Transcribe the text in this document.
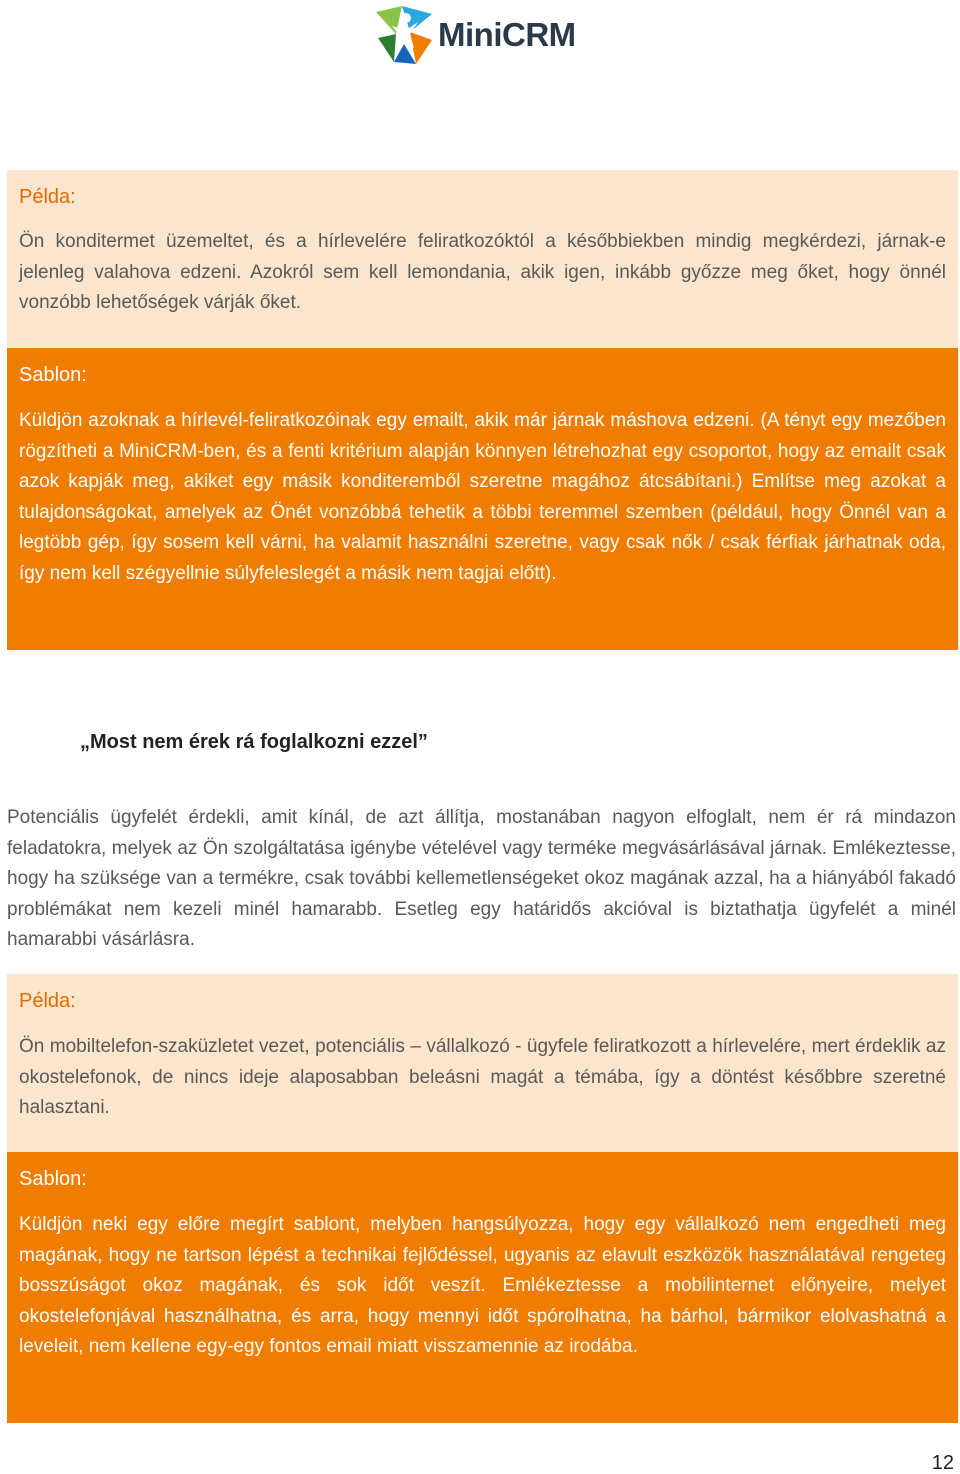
MiniCRM
Példa:

Ön konditermet üzemeltet, és a hírlevelére feliratkozóktól a későbbiekben mindig megkérdezi, járnak-e jelenleg valahova edzeni. Azokról sem kell lemondania, akik igen, inkább győzze meg őket, hogy önnél vonzóbb lehetőségek várják őket.

Sablon:

Küldjön azoknak a hírlevél-feliratkozóinak egy emailt, akik már járnak máshova edzeni. (A tényt egy mezőben rögzítheti a MiniCRM-ben, és a fenti kritérium alapján könnyen létrehozhat egy csoportot, hogy az emailt csak azok kapják meg, akiket egy másik konditeremből szeretne magához átcsábítani.) Említse meg azokat a tulajdonságokat, amelyek az Önét vonzóbbá tehetik a többi teremmel szemben (például, hogy Önnél van a legtöbb gép, így sosem kell várni, ha valamit használni szeretne, vagy csak nők / csak férfiak járhatnak oda, így nem kell szégyellnie súlyfeleslegét a másik nem tagjai előtt).

„Most nem érek rá foglalkozni ezzel”

Potenciális ügyfelét érdekli, amit kínál, de azt állítja, mostanában nagyon elfoglalt, nem ér rá mindazon feladatokra, melyek az Ön szolgáltatása igénybe vételével vagy terméke megvásárlásával járnak. Emlékeztesse, hogy ha szüksége van a termékre, csak további kellemetlenségeket okoz magának azzal, ha a hiányából fakadó problémákat nem kezeli minél hamarabb. Esetleg egy határidős akcióval is biztathatja ügyfelét a minél hamarabbi vásárlásra.

Példa:

Ön mobiltelefon-szaküzletet vezet, potenciális – vállalkozó - ügyfele feliratkozott a hírlevelére, mert érdeklik az okostelefonok, de nincs ideje alaposabban beleásni magát a témába, így a döntést későbbre szeretné halasztani.

Sablon:

Küldjön neki egy előre megírt sablont, melyben hangsúlyozza, hogy egy vállalkozó nem engedheti meg magának, hogy ne tartson lépést a technikai fejlődéssel, ugyanis az elavult eszközök használatával rengeteg bosszúságot okoz magának, és sok időt veszít. Emlékeztesse a mobilinternet előnyeire, melyet okostelefonjával használhatna, és arra, hogy mennyi időt spórolhatna, ha bárhol, bármikor elolvashatná a leveleit, nem kellene egy-egy fontos email miatt visszamennie az irodába.

12
